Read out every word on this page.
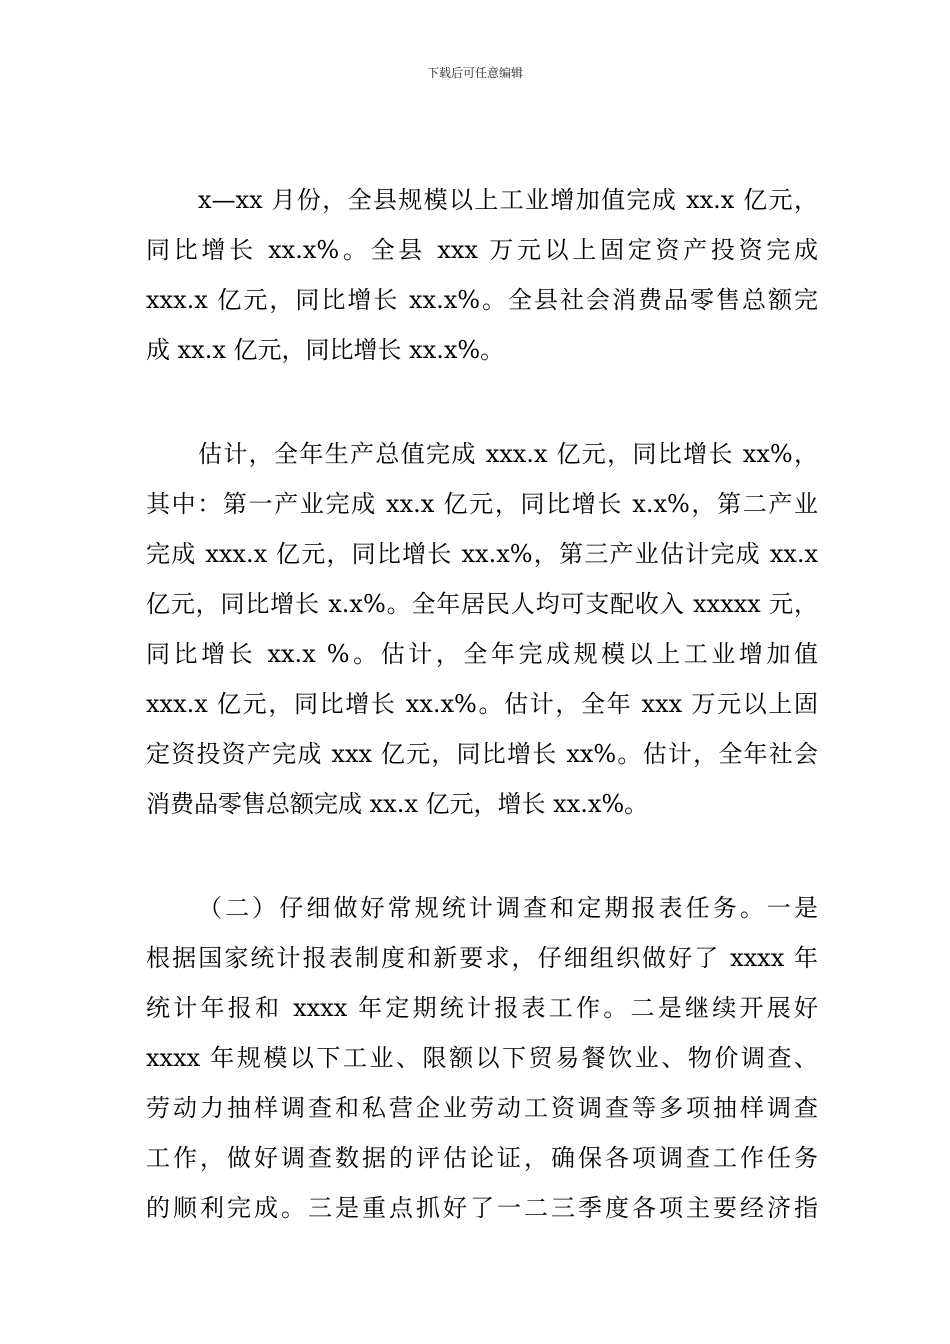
下载后可任意编辑
x—xx 月份，全县规模以上工业增加值完成 xx.x 亿元，
同比增长 xx.x%。全县 xxx 万元以上固定资产投资完成
xxx.x 亿元，同比增长 xx.x%。全县社会消费品零售总额完
成 xx.x 亿元，同比增长 xx.x%。
估计，全年生产总值完成 xxx.x 亿元，同比增长 xx%，
其中：第一产业完成 xx.x 亿元，同比增长 x.x%，第二产业
完成 xxx.x 亿元，同比增长 xx.x%，第三产业估计完成 xx.x
亿元，同比增长 x.x%。全年居民人均可支配收入 xxxxx 元，
同比增长 xx.x %。估计，全年完成规模以上工业增加值
xxx.x 亿元，同比增长 xx.x%。估计，全年 xxx 万元以上固
定资投资产完成 xxx 亿元，同比增长 xx%。估计，全年社会
消费品零售总额完成 xx.x 亿元，增长 xx.x%。
（二）仔细做好常规统计调查和定期报表任务。一是
根据国家统计报表制度和新要求，仔细组织做好了 xxxx 年
统计年报和 xxxx 年定期统计报表工作。二是继续开展好
xxxx 年规模以下工业、限额以下贸易餐饮业、物价调查、
劳动力抽样调查和私营企业劳动工资调查等多项抽样调查
工作，做好调查数据的评估论证，确保各项调查工作任务
的顺利完成。三是重点抓好了一二三季度各项主要经济指
